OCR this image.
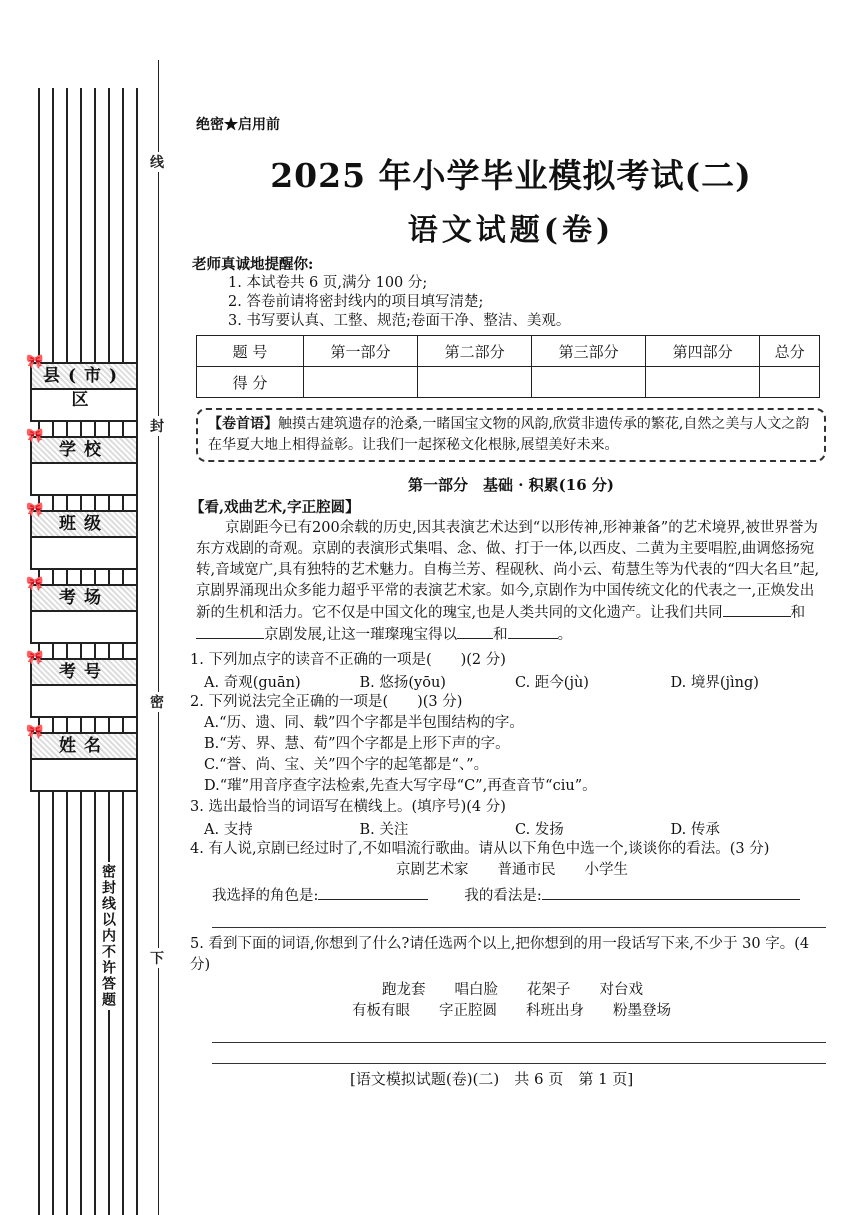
线
封
密
下
密封线以内不许答题
🎀
县(市)区
🎀
学校
🎀
班级
🎀
考场
🎀
考号
🎀
姓名
绝密★启用前
2025 年小学毕业模拟考试(二)
语文试题(卷)
老师真诚地提醒你:
1. 本试卷共 6 页,满分 100 分;
2. 答卷前请将密封线内的项目填写清楚;
3. 书写要认真、工整、规范;卷面干净、整洁、美观。
题 号	第一部分	第二部分	第三部分	第四部分	总分
得 分					
【卷首语】触摸古建筑遗存的沧桑,一睹国宝文物的风韵,欣赏非遗传承的繁花,自然之美与人文之韵在华夏大地上相得益彰。让我们一起探秘文化根脉,展望美好未来。
第一部分　基础 · 积累(16 分)
【看,戏曲艺术,字正腔圆】
京剧距今已有200余载的历史,因其表演艺术达到“以形传神,形神兼备”的艺术境界,被世界誉为东方戏剧的奇观。京剧的表演形式集唱、念、做、打于一体,以西皮、二黄为主要唱腔,曲调悠扬宛转,音域宽广,具有独特的艺术魅力。自梅兰芳、程砚秋、尚小云、荀慧生等为代表的“四大名旦”起,京剧界涌现出众多能力超乎平常的表演艺术家。如今,京剧作为中国传统文化的代表之一,正焕发出新的生机和活力。它不仅是中国文化的瑰宝,也是人类共同的文化遗产。让我们共同	和京剧发展,让这一璀璨瑰宝得以 和	。
1. 下列加点字的读音不正确的一项是(　　)(2 分)
A. 奇观(guān)	B. 悠扬(yōu)	C. 距今(jù)	D. 境界(jìng)
2. 下列说法完全正确的一项是(　　)(3 分)
A.“历、遗、同、载”四个字都是半包围结构的字。
B.“芳、界、慧、荀”四个字都是上形下声的字。
C.“誉、尚、宝、关”四个字的起笔都是“、”。
D.“璀”用音序查字法检索,先查大写字母“C”,再查音节“ciu”。
3. 选出最恰当的词语写在横线上。(填序号)(4 分)
A. 支持	B. 关注	C. 发扬	D. 传承
4. 有人说,京剧已经过时了,不如唱流行歌曲。请从以下角色中选一个,谈谈你的看法。(3 分)
京剧艺术家　　普通市民　　小学生
我选择的角色是:	我的看法是:
5. 看到下面的词语,你想到了什么?请任选两个以上,把你想到的用一段话写下来,不少于 30 字。(4 分)
跑龙套　　唱白脸　　花架子　　对台戏
有板有眼　　字正腔圆　　科班出身　　粉墨登场
[语文模拟试题(卷)(二)　共 6 页　第 1 页]
